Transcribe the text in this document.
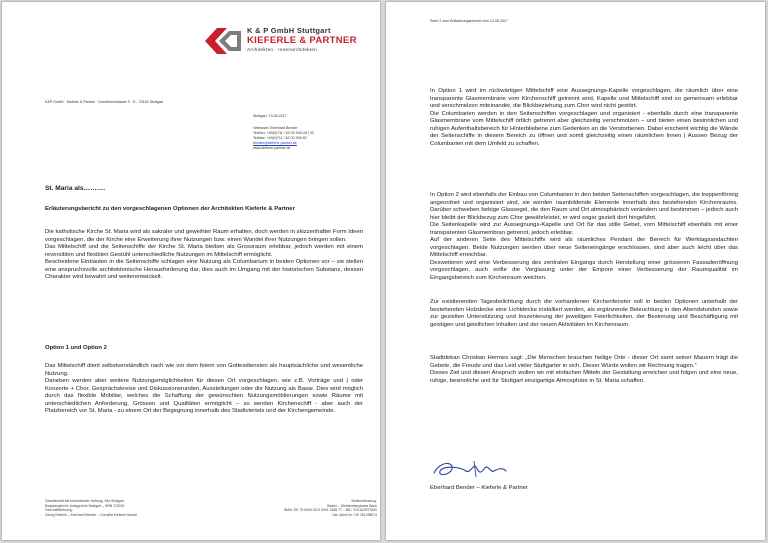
K & P GmbH Stuttgart
KIEFERLE & PARTNER
Architekten · Innenarchitekten
K&P GmbH · Kieferle & Partner · Dorotheenstrasse 9 · D - 70182 Stuttgart
Stuttgart, 13.06.2017
Verfasser: Eberhard Bender
Telefon: +49(0)711 / 62 00 949-26 | 32
Telefax: +49(0)711 / 62 00 949 60
bender@kieferle-partner.de
www.kieferle-partner.de
St. Maria als……….
Erläuterungsbericht zu den vorgeschlagenen Optionen der Architekten Kieferle & Partner

Die katholische Kirche St. Maria wird als sakraler und geweihter Raum erhalten, doch werden in skizzenhafter Form Ideen vorgeschlagen, die der Kirche eine Erweiterung ihrer Nutzungen bzw. einen Wandel ihrer Nutzungen bringen sollen.

Das Mittelschiff und die Seitenschiffe der Kirche St. Maria bleiben als Grossraum erlebbar, jedoch werden mit einem reversiblen und flexiblen Gestühl unterschiedliche Nutzungen im Mittelschiff ermöglicht.

Bescheidene Einbauten in die Seitenschiffe schlagen eine Nutzung als Columbarium in beiden Optionen vor – sie stellen eine anspruchsvolle architektonische Herausforderung dar, dies auch im Umgang mit der historischen Substanz, dessen Charakter wird bewahrt und weiterentwickelt.

Option 1 und Option 2

Das Mittelschiff dient selbstverständlich nach wie vor dem feiern von Gottesdiensten als hauptsächliche und wesentliche Nutzung.

Daneben werden aber weitere Nutzungsmöglichkeiten für diesen Ort vorgeschlagen, wie z.B. Vorträge und | oder Konzerte + Chor, Gesprächskreise und Diskussionsrunden, Ausstellungen oder die Nutzung als Basar. Dies wird möglich durch das flexible Mobiliar, welches die Schaffung der gewünschten Nutzungsmöblierungen sowie Räume mit unterschiedlichen Anforderung, Grössen und Qualitäten ermöglicht – so werden Kirchenschiff - aber auch der Platzbereich vor St. Maria - zu einem Ort der Begegnung innerhalb des Stadtviertels und der Kirchengemeinde.

Gesellschaft mit beschränkter Haftung, Sitz Stuttgart
Registergericht: Amtsgericht Stuttgart – HRB 723034
Geschäftsführung:
Georg Kieferle – Eberhard Bender – Cornelia Kieferle-Nicolai
Bankverbindung:
Baden – Württembergische Bank
IBAN: DE 75 6005 0101 0001 2638 77 – BIC: SOLADEST600
Ust.-Ident-Nr.: DE 251298574
Seite 2 zum Erläuterungsbericht vom 13.06.2017

In Option 1 wird im rückwärtigen Mittelschiff eine Aussegnungs-Kapelle vorgeschlagen, die räumlich über eine transparente Glasmembrane vom Kirchenschiff getrennt wird, Kapelle und Mittelschiff sind so gemeinsam erlebbar und verschmelzen miteinander, die Blickbeziehung zum Chor wird nicht gestört.

Die Columbarien werden in den Seitenschiffen vorgeschlagen und organisiert - ebenfalls durch eine transparente Glasmembrane vom Mittelschiff örtlich getrennt aber gleichzeitig verschmolzen – und bieten einen besinnlichen und ruhigen Aufenthaltsbereich für Hinterbliebene zum Gedenken an die Verstorbenen. Dabei erscheint wichtig die Wände der Seitenschiffe in diesem Bereich zu öffnen und somit gleichzeitig einen räumlichen Innen | Aussen Bezug der Columbarien mit dem Umfeld zu schaffen.

In Option 2 wird ebenfalls der Einbau von Columbarien in den beiden Seitenschiffen vorgeschlagen, die treppenförmig angeordnet und organisiert sind, sie werden raumbildende Elemente innerhalb des bestehenden Kirchenraums. Darüber schweben farbige Glassegel, die den Raum und Ort atmosphärisch verändern und bestimmen – jedoch auch hier bleibt der Blickbezug zum Chor gewährleistet, er wird sogar gezielt dort hingeführt.

Die Seitenkapelle wird zur Aussegnungs-Kapelle und Ort für das stille Gebet, vom Mittelschiff ebenfalls mit einer transparenten Glasmembran getrennt, jedoch erlebbar.

Auf der anderen Seite des Mittelschiffs wird als räumliches Pendant der Bereich für Werktagsandachten vorgeschlagen. Beide Nutzungen werden über neue Seiteneingänge erschlossen, sind aber auch leicht über das Mittelschiff erreichbar.

Desweiteren wird eine Verbesserung des zentralen Eingangs durch Herstellung einer grösseren Fassadenöffnung vorgeschlagen, auch sollte die Verglasung unter der Empore einer Verbesserung der Raumqualität im Eingangsbereich zum Kirchenraum weichen.

Zur existierenden Tagesbelichtung durch die vorhandenen Kirchenfenster soll in beiden Optionen unterhalb der bestehenden Holzdecke eine Lichtdecke installiert werden, als ergänzende Beleuchtung in den Abendstunden sowie zur gezielten Unterstützung und Inszenierung der jeweiligen Feierlichkeiten, der Besinnung und Beschäftigung mit geistigen und geistlichen Inhalten und der neuen Aktivitäten im Kirchenraum.

Stadtdekan Christian Hermes sagt: „Die Menschen brauchen heilige Orte - dieser Ort samt seiner Mauern trägt die Gebete, die Freude und das Leid vieler Stuttgarter in sich. Dieser Würde wollen wir Rechnung tragen.“

Dieses Ziel und diesen Anspruch wollen wir mit einfachen Mitteln der Gestaltung erreichen und folgen und eine neue, ruhige, besinnliche und für Stuttgart einzigartige Atmosphäre in St. Maria schaffen.

Eberhard Bender – Kieferle & Partner
